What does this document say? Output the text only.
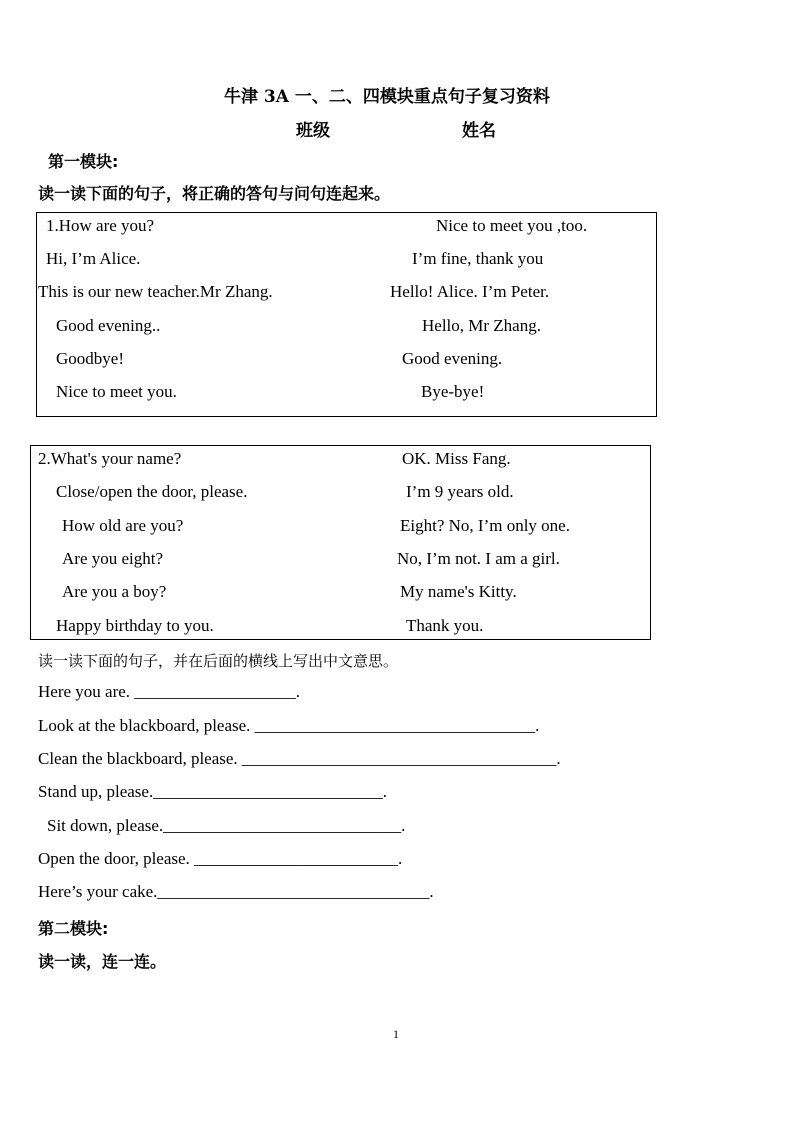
牛津 3A 一、二、四模块重点句子复习资料
班级	姓名
第一模块:
读一读下面的句子，将正确的答句与问句连起来。
1.How are you?
Hi, I’m Alice.
This is our new teacher.Mr Zhang.
Good evening..
Goodbye!
Nice to meet you.
Nice to meet you ,too.
I’m fine, thank you
Hello! Alice. I’m Peter.
Hello, Mr Zhang.
Good evening.
Bye-bye!
2.What's your name?
Close/open the door, please.
How old are you?
Are you eight?
Are you a boy?
Happy birthday to you.
OK. Miss Fang.
I’m 9 years old.
Eight? No, I’m only one.
No, I’m not. I am a girl.
My name's Kitty.
Thank you.
读一读下面的句子，并在后面的横线上写出中文意思。
Here you are. ___________________.
Look at the blackboard, please. _________________________________.
Clean the blackboard, please. _____________________________________.
Stand up, please.___________________________.
Sit down, please.____________________________.
Open the door, please. ________________________.
Here’s your cake.________________________________.
第二模块:
读一读，连一连。
1
